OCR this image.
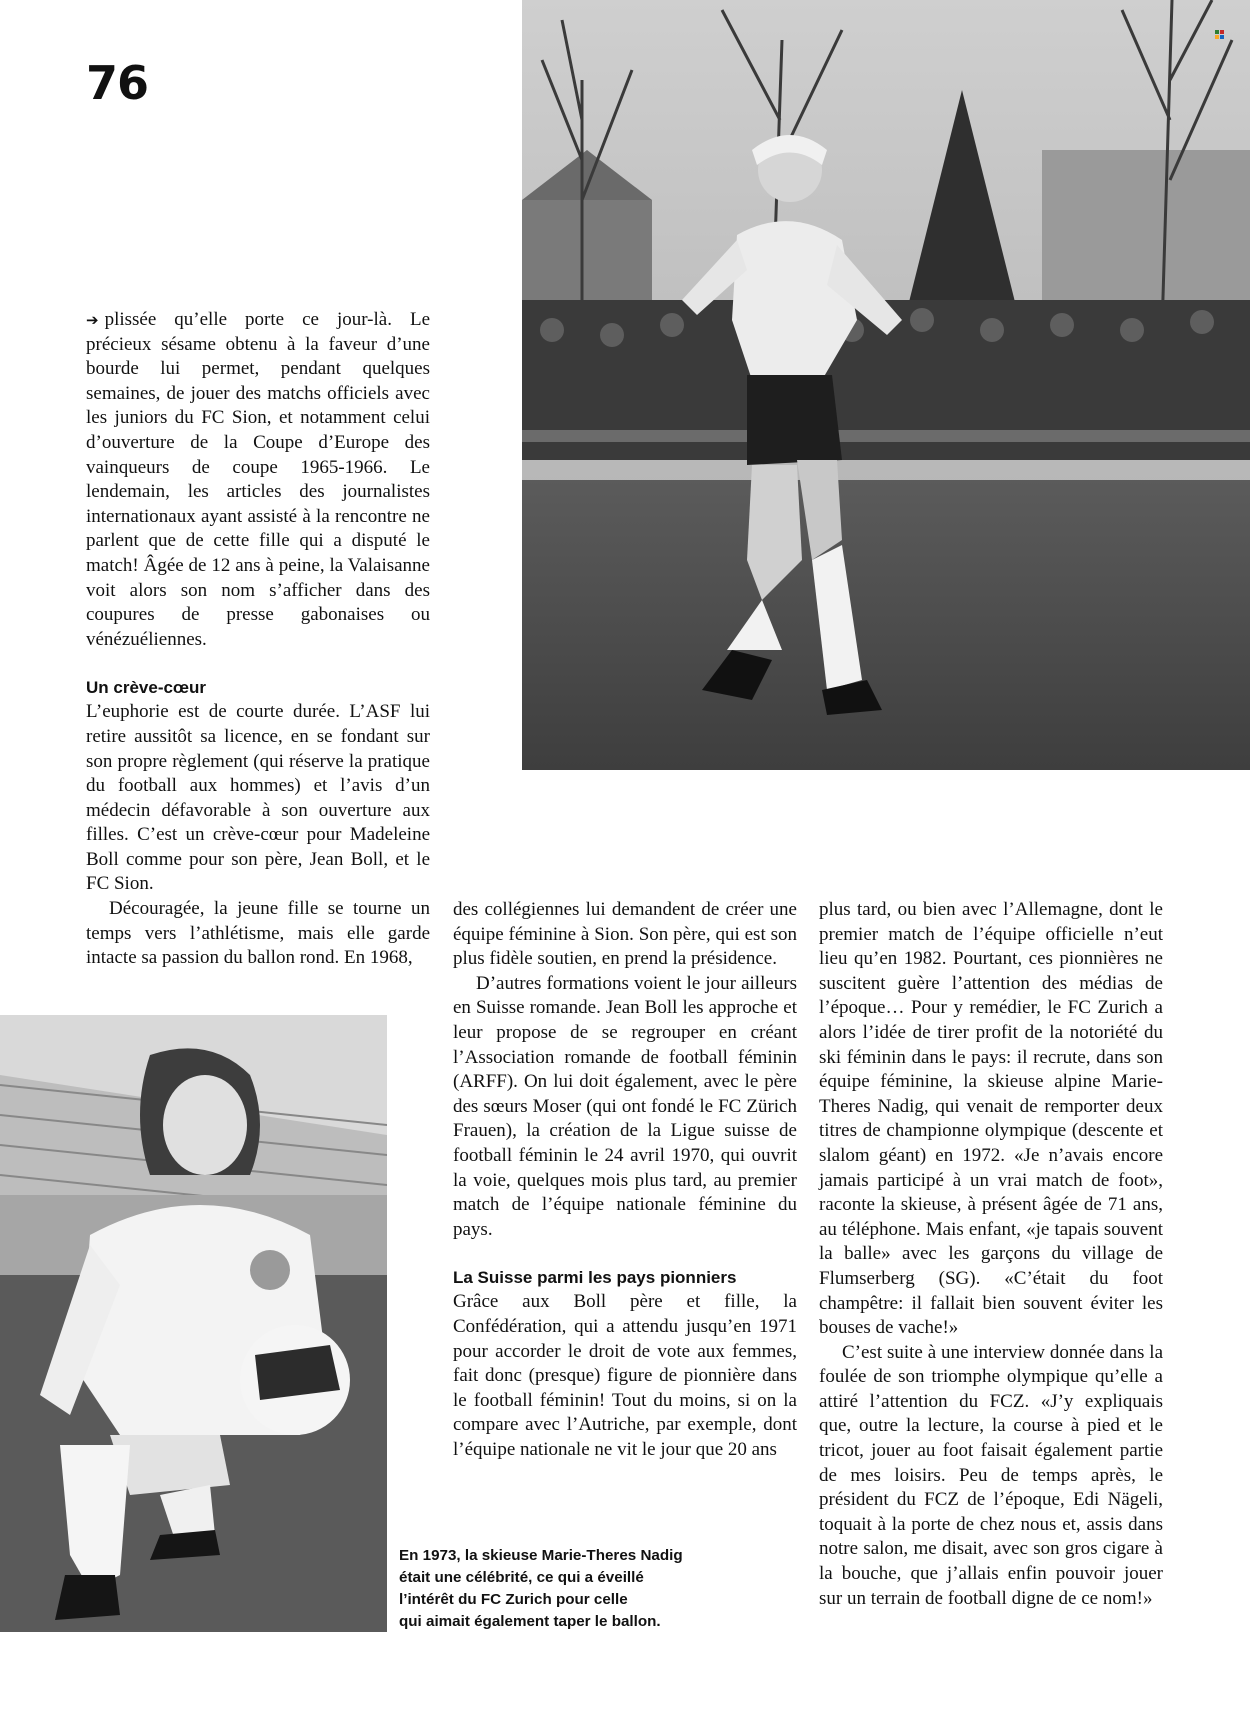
76

➔ plissée qu’elle porte ce jour-là. Le précieux sésame obtenu à la faveur d’une bourde lui permet, pendant quelques semaines, de jouer des matchs officiels avec les juniors du FC Sion, et notamment celui d’ouverture de la Coupe d’Europe des vainqueurs de coupe 1965-1966. Le lendemain, les articles des journalistes internationaux ayant assisté à la rencontre ne parlent que de cette fille qui a disputé le match! Âgée de 12 ans à peine, la Valaisanne voit alors son nom s’afficher dans des coupures de presse gabonaises ou vénézuéliennes.

Un crève-cœur

L’euphorie est de courte durée. L’ASF lui retire aussitôt sa licence, en se fondant sur son propre règlement (qui réserve la pratique du football aux hommes) et l’avis d’un médecin défavorable à son ouverture aux filles. C’est un crève-cœur pour Madeleine Boll comme pour son père, Jean Boll, et le FC Sion.

Découragée, la jeune fille se tourne un temps vers l’athlétisme, mais elle garde intacte sa passion du ballon rond. En 1968,

des collégiennes lui demandent de créer une équipe féminine à Sion. Son père, qui est son plus fidèle soutien, en prend la présidence.

D’autres formations voient le jour ailleurs en Suisse romande. Jean Boll les approche et leur propose de se regrouper en créant l’Association romande de football féminin (ARFF). On lui doit également, avec le père des sœurs Moser (qui ont fondé le FC Zürich Frauen), la création de la Ligue suisse de football féminin le 24 avril 1970, qui ouvrit la voie, quelques mois plus tard, au premier match de l’équipe nationale féminine du pays.

La Suisse parmi les pays pionniers

Grâce aux Boll père et fille, la Confédération, qui a attendu jusqu’en 1971 pour accorder le droit de vote aux femmes, fait donc (presque) figure de pionnière dans le football féminin! Tout du moins, si on la compare avec l’Autriche, par exemple, dont l’équipe nationale ne vit le jour que 20 ans

plus tard, ou bien avec l’Allemagne, dont le premier match de l’équipe officielle n’eut lieu qu’en 1982. Pourtant, ces pionnières ne suscitent guère l’attention des médias de l’époque… Pour y remédier, le FC Zurich a alors l’idée de tirer profit de la notoriété du ski féminin dans le pays: il recrute, dans son équipe féminine, la skieuse alpine Marie-Theres Nadig, qui venait de remporter deux titres de championne olympique (descente et slalom géant) en 1972. «Je n’avais encore jamais participé à un vrai match de foot», raconte la skieuse, à présent âgée de 71 ans, au téléphone. Mais enfant, «je tapais souvent la balle» avec les garçons du village de Flumserberg (SG). «C’était du foot champêtre: il fallait bien souvent éviter les bouses de vache!»

C’est suite à une interview donnée dans la foulée de son triomphe olympique qu’elle a attiré l’attention du FCZ. «J’y expliquais que, outre la lecture, la course à pied et le tricot, jouer au foot faisait également partie de mes loisirs. Peu de temps après, le président du FCZ de l’époque, Edi Nägeli, toquait à la porte de chez nous et, assis dans notre salon, me disait, avec son gros cigare à la bouche, que j’allais enfin pouvoir jouer sur un terrain de football digne de ce nom!»

En 1973, la skieuse Marie-Theres Nadig
était une célébrité, ce qui a éveillé
l’intérêt du FC Zurich pour celle
qui aimait également taper le ballon.
